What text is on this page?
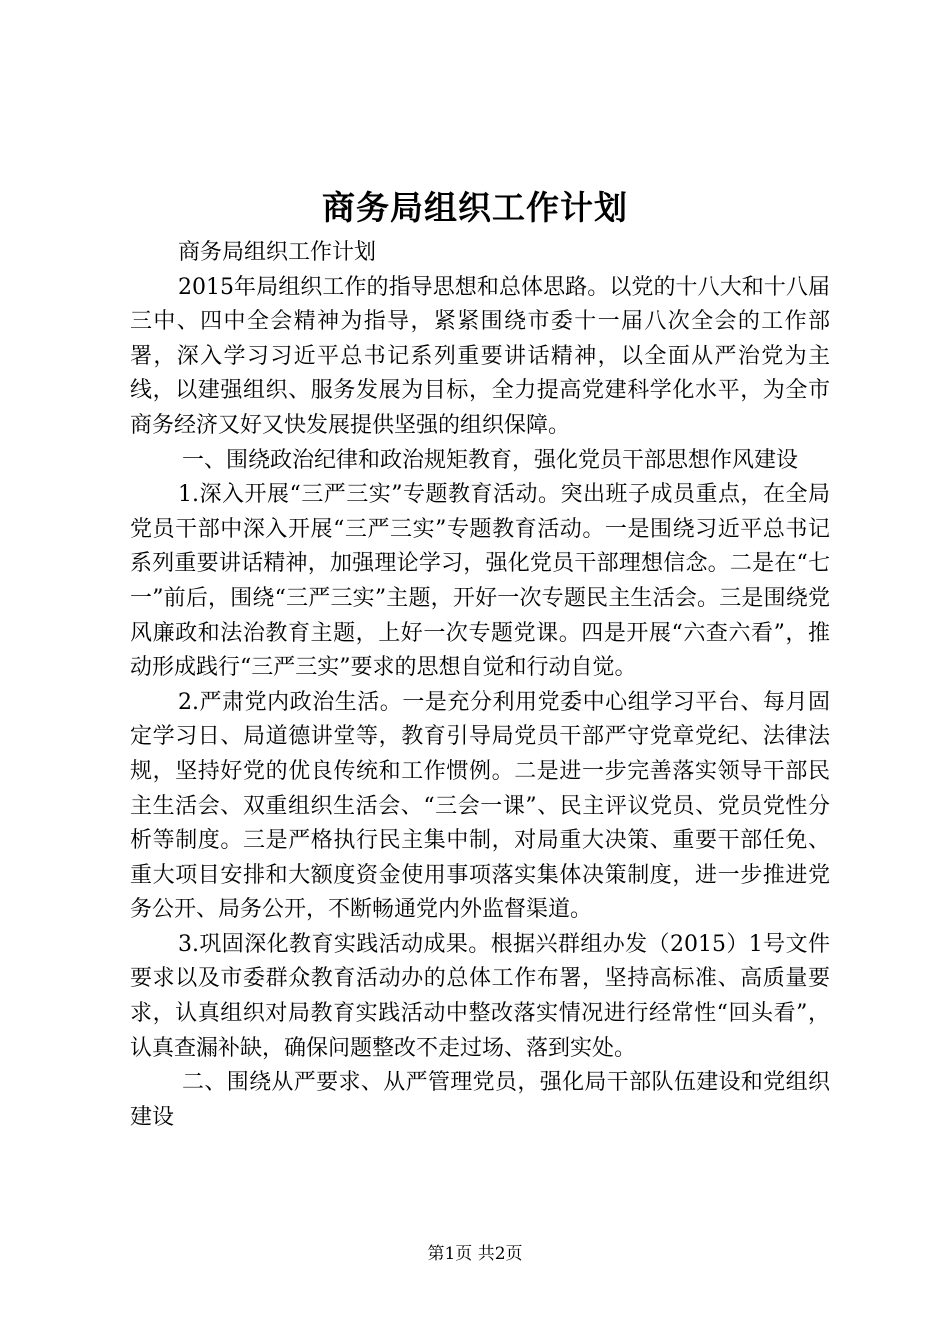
商务局组织工作计划

商务局组织工作计划

2015年局组织工作的指导思想和总体思路。以党的十八大和十八届三中、四中全会精神为指导，紧紧围绕市委十一届八次全会的工作部署，深入学习习近平总书记系列重要讲话精神，以全面从严治党为主线，以建强组织、服务发展为目标，全力提高党建科学化水平，为全市商务经济又好又快发展提供坚强的组织保障。

一、围绕政治纪律和政治规矩教育，强化党员干部思想作风建设

1.深入开展“三严三实”专题教育活动。突出班子成员重点，在全局党员干部中深入开展“三严三实”专题教育活动。一是围绕习近平总书记系列重要讲话精神，加强理论学习，强化党员干部理想信念。二是在“七一”前后，围绕“三严三实”主题，开好一次专题民主生活会。三是围绕党风廉政和法治教育主题，上好一次专题党课。四是开展“六查六看”，推动形成践行“三严三实”要求的思想自觉和行动自觉。

2.严肃党内政治生活。一是充分利用党委中心组学习平台、每月固定学习日、局道德讲堂等，教育引导局党员干部严守党章党纪、法律法规，坚持好党的优良传统和工作惯例。二是进一步完善落实领导干部民主生活会、双重组织生活会、“三会一课”、民主评议党员、党员党性分析等制度。三是严格执行民主集中制，对局重大决策、重要干部任免、重大项目安排和大额度资金使用事项落实集体决策制度，进一步推进党务公开、局务公开，不断畅通党内外监督渠道。

3.巩固深化教育实践活动成果。根据兴群组办发（2015）1号文件要求以及市委群众教育活动办的总体工作布署，坚持高标准、高质量要求，认真组织对局教育实践活动中整改落实情况进行经常性“回头看”，认真查漏补缺，确保问题整改不走过场、落到实处。

二、围绕从严要求、从严管理党员，强化局干部队伍建设和党组织建设

第1页 共2页
